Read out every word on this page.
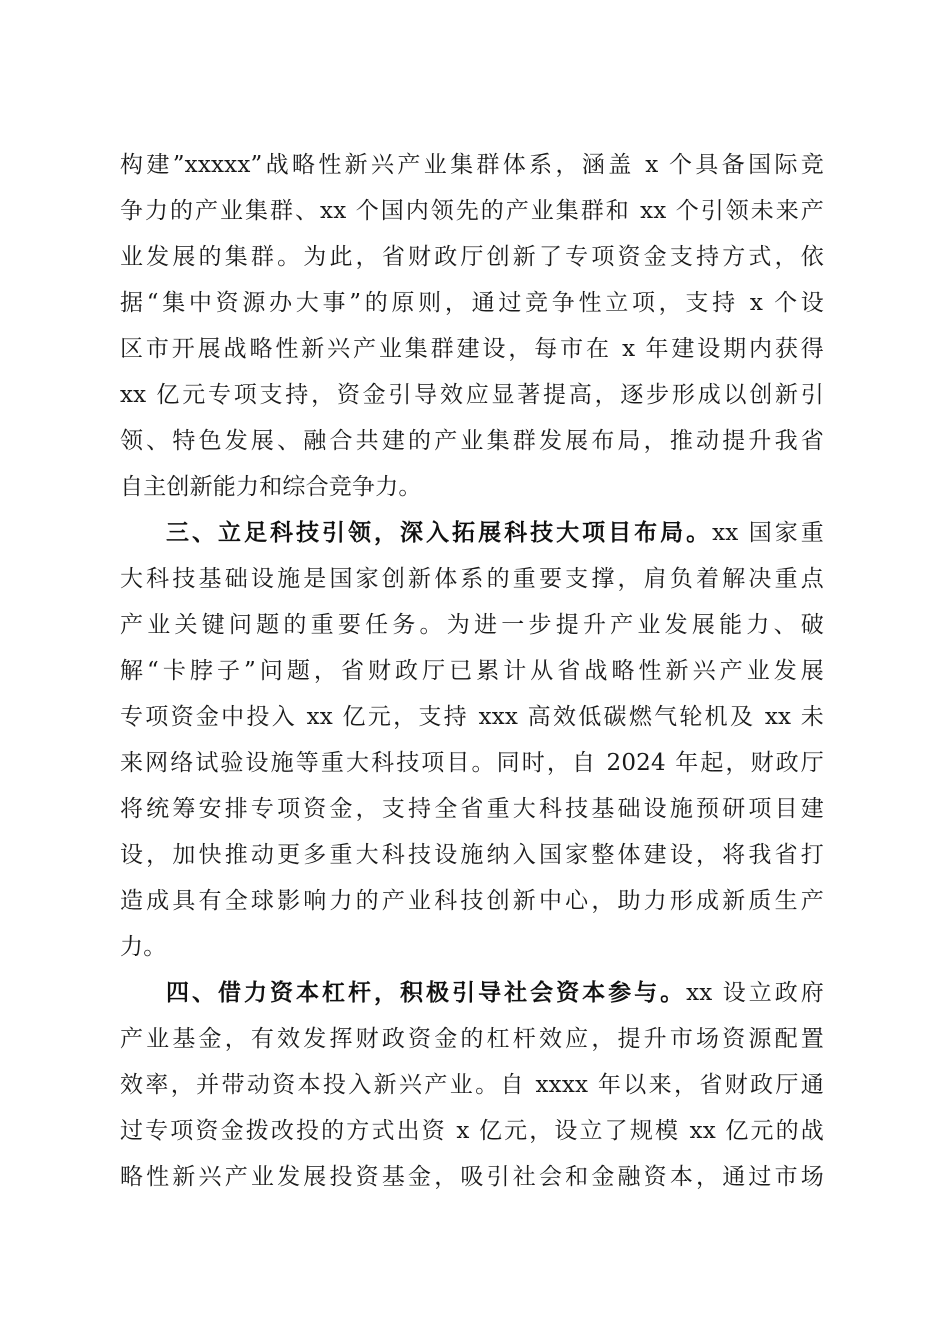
构建”xxxxx”战略性新兴产业集群体系，涵盖 x 个具备国际竞

争力的产业集群、xx 个国内领先的产业集群和 xx 个引领未来产

业发展的集群。为此，省财政厅创新了专项资金支持方式，依

据“集中资源办大事”的原则，通过竞争性立项，支持 x 个设

区市开展战略性新兴产业集群建设，每市在 x 年建设期内获得

xx 亿元专项支持，资金引导效应显著提高，逐步形成以创新引

领、特色发展、融合共建的产业集群发展布局，推动提升我省

自主创新能力和综合竞争力。

三、立足科技引领，深入拓展科技大项目布局。xx 国家重

大科技基础设施是国家创新体系的重要支撑，肩负着解决重点

产业关键问题的重要任务。为进一步提升产业发展能力、破

解“卡脖子”问题，省财政厅已累计从省战略性新兴产业发展

专项资金中投入 xx 亿元，支持 xxx 高效低碳燃气轮机及 xx 未

来网络试验设施等重大科技项目。同时，自 2024 年起，财政厅

将统筹安排专项资金，支持全省重大科技基础设施预研项目建

设，加快推动更多重大科技设施纳入国家整体建设，将我省打

造成具有全球影响力的产业科技创新中心，助力形成新质生产

力。

四、借力资本杠杆，积极引导社会资本参与。xx 设立政府

产业基金，有效发挥财政资金的杠杆效应，提升市场资源配置

效率，并带动资本投入新兴产业。自 xxxx 年以来，省财政厅通

过专项资金拨改投的方式出资 x 亿元，设立了规模 xx 亿元的战

略性新兴产业发展投资基金，吸引社会和金融资本，通过市场
